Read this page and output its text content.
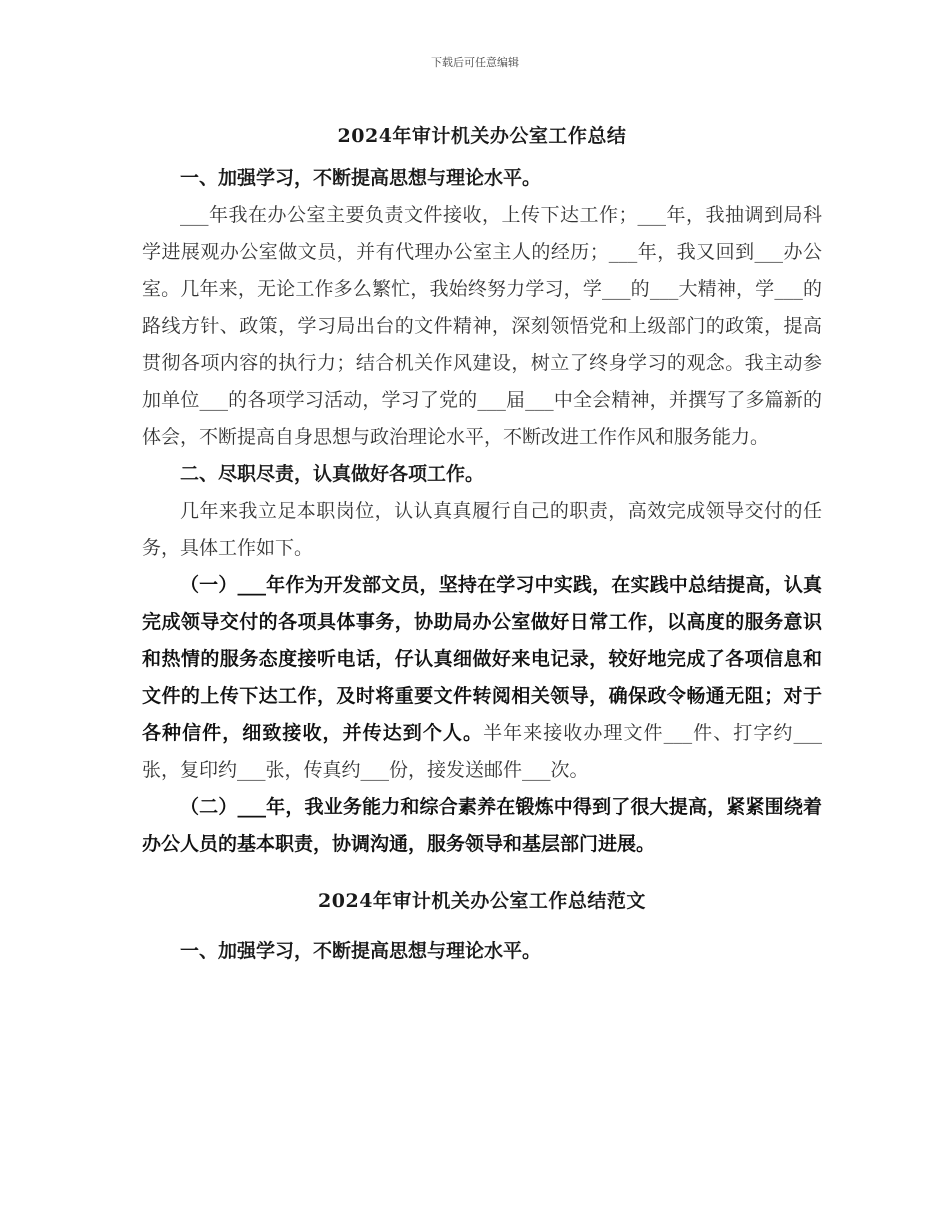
下载后可任意编辑
2024年审计机关办公室工作总结

一、加强学习，不断提高思想与理论水平。

___年我在办公室主要负责文件接收，上传下达工作；___年，我抽调到局科学进展观办公室做文员，并有代理办公室主人的经历；___年，我又回到___办公室。几年来，无论工作多么繁忙，我始终努力学习，学___的___大精神，学___的路线方针、政策，学习局出台的文件精神，深刻领悟党和上级部门的政策，提高贯彻各项内容的执行力；结合机关作风建设，树立了终身学习的观念。我主动参加单位___的各项学习活动，学习了党的___届___中全会精神，并撰写了多篇新的体会，不断提高自身思想与政治理论水平，不断改进工作作风和服务能力。

二、尽职尽责，认真做好各项工作。

几年来我立足本职岗位，认认真真履行自己的职责，高效完成领导交付的任务，具体工作如下。

（一）___年作为开发部文员，坚持在学习中实践，在实践中总结提高，认真完成领导交付的各项具体事务，协助局办公室做好日常工作，以高度的服务意识和热情的服务态度接听电话，仔认真细做好来电记录，较好地完成了各项信息和文件的上传下达工作，及时将重要文件转阅相关领导，确保政令畅通无阻；对于各种信件，细致接收，并传达到个人。半年来接收办理文件___件、打字约___张，复印约___张，传真约___份，接发送邮件___次。

（二）___年，我业务能力和综合素养在锻炼中得到了很大提高，紧紧围绕着办公人员的基本职责，协调沟通，服务领导和基层部门进展。

2024年审计机关办公室工作总结范文

一、加强学习，不断提高思想与理论水平。
